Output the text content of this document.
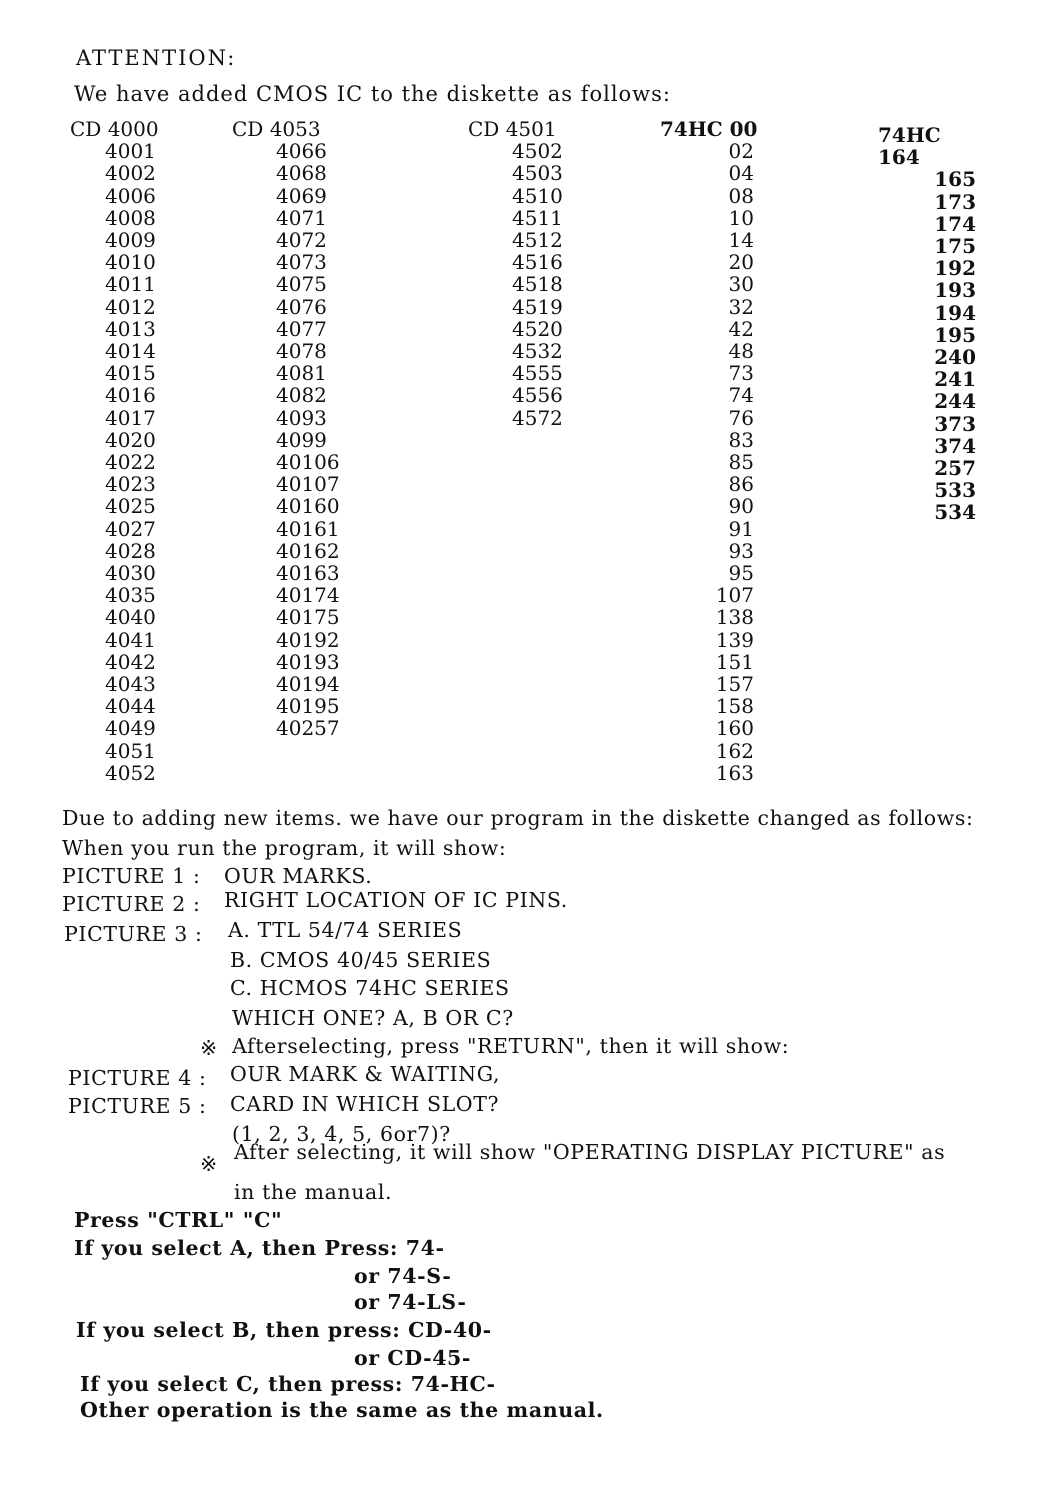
ATTENTION:
We have added CMOS IC to the diskette as follows:
CD 4000
4001
4002
4006
4008
4009
4010
4011
4012
4013
4014
4015
4016
4017
4020
4022
4023
4025
4027
4028
4030
4035
4040
4041
4042
4043
4044
4049
4051
4052
CD 4053
4066
4068
4069
4071
4072
4073
4075
4076
4077
4078
4081
4082
4093
4099
40106
40107
40160
40161
40162
40163
40174
40175
40192
40193
40194
40195
40257
CD 4501
4502
4503
4510
4511
4512
4516
4518
4519
4520
4532
4555
4556
4572
74HC 00
02
04
08
10
14
20
30
32
42
48
73
74
76
83
85
86
90
91
93
95
107
138
139
151
157
158
160
162
163
74HC 164
165
173
174
175
192
193
194
195
240
241
244
373
374
257
533
534
Due to adding new items. we have our program in the diskette changed as follows:
When you run the program, it will show:
PICTURE 1 : OUR MARKS.
PICTURE 2 : RIGHT LOCATION OF IC PINS.
PICTURE 3 : A. TTL 54/74 SERIES
B. CMOS 40/45 SERIES
C. HCMOS 74HC SERIES
WHICH ONE? A, B OR C?
※ Afterselecting, press "RETURN", then it will show:
PICTURE 4 : OUR MARK & WAITING,
PICTURE 5 : CARD IN WHICH SLOT?
(1, 2, 3, 4, 5, 6or7)?
※ After selecting, it will show "OPERATING DISPLAY PICTURE" as
in the manual.
Press "CTRL" "C"
If you select A, then Press: 74-
or 74-S-
or 74-LS-
If you select B, then press: CD-40-
or CD-45-
If you select C, then press: 74-HC-
Other operation is the same as the manual.
